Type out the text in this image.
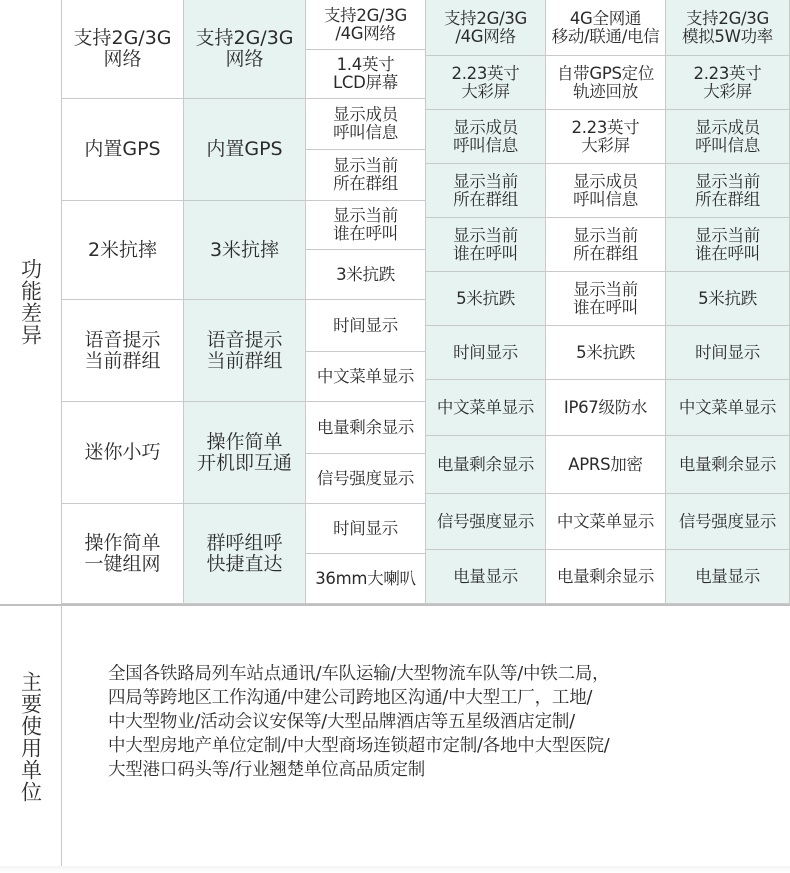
功能差异
支持2G/3G
网络
内置GPS
2米抗摔
语音提示
当前群组
迷你小巧
操作简单
一键组网
支持2G/3G
网络
内置GPS
3米抗摔
语音提示
当前群组
操作简单
开机即互通
群呼组呼
快捷直达
支持2G/3G
/4G网络
1.4英寸
LCD屏幕
显示成员
呼叫信息
显示当前
所在群组
显示当前
谁在呼叫
3米抗跌
时间显示
中文菜单显示
电量剩余显示
信号强度显示
时间显示
36mm大喇叭
支持2G/3G
/4G网络
2.23英寸
大彩屏
显示成员
呼叫信息
显示当前
所在群组
显示当前
谁在呼叫
5米抗跌
时间显示
中文菜单显示
电量剩余显示
信号强度显示
电量显示
4G全网通
移动/联通/电信
自带GPS定位
轨迹回放
2.23英寸
大彩屏
显示成员
呼叫信息
显示当前
所在群组
显示当前
谁在呼叫
5米抗跌
IP67级防水
APRS加密
中文菜单显示
电量剩余显示
支持2G/3G
模拟5W功率
2.23英寸
大彩屏
显示成员
呼叫信息
显示当前
所在群组
显示当前
谁在呼叫
5米抗跌
时间显示
中文菜单显示
电量剩余显示
信号强度显示
电量显示
主要使用单位	全国各铁路局列车站点通讯/车队运输/大型物流车队等/中铁二局，
四局等跨地区工作沟通/中建公司跨地区沟通/中大型工厂，工地/
中大型物业/活动会议安保等/大型品牌酒店等五星级酒店定制/
中大型房地产单位定制/中大型商场连锁超市定制/各地中大型医院/
大型港口码头等/行业翘楚单位高品质定制
